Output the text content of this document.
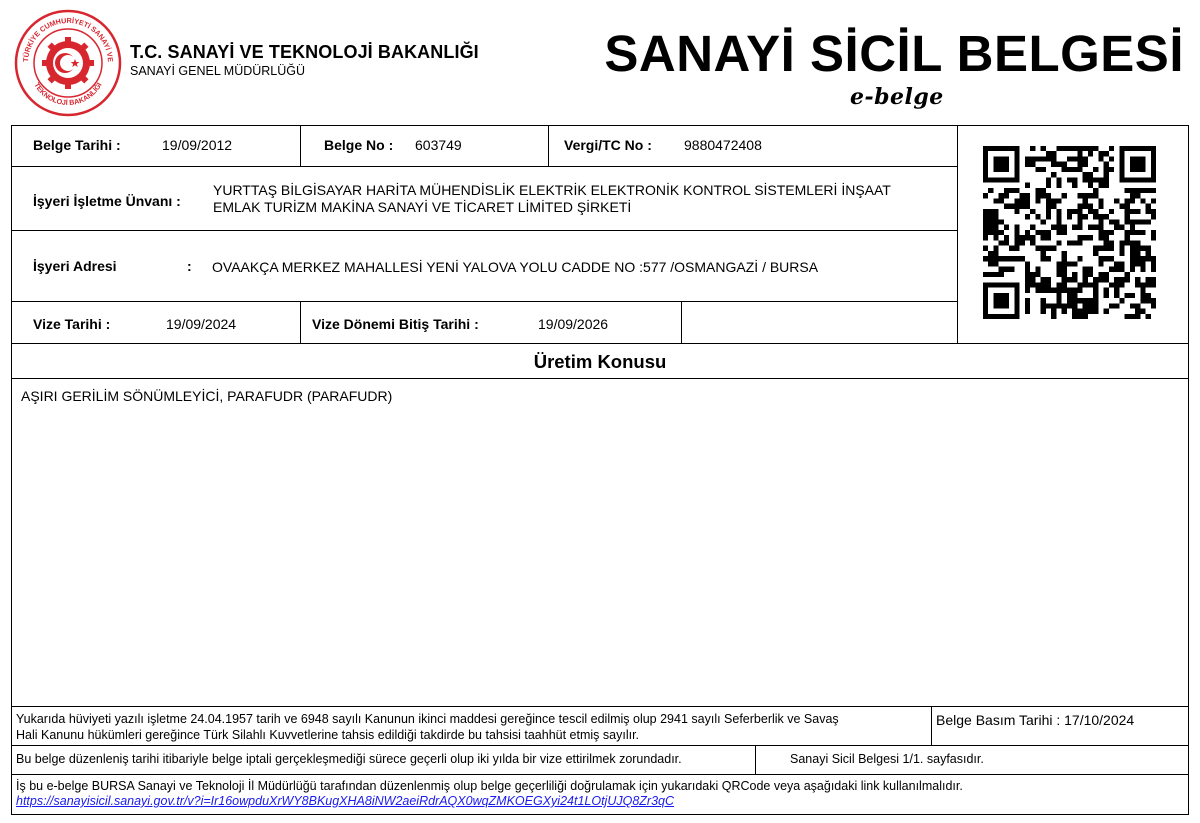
TÜRKİYE CUMHURİYETİ SANAYİ VE
TEKNOLOJİ BAKANLIĞI
T.C. SANAYİ VE TEKNOLOJİ BAKANLIĞI
SANAYİ GENEL MÜDÜRLÜĞÜ	SANAYİ SİCİL BELGESİ
e-belge
Belge Tarihi :	19/09/2012	Belge No : 603749	Vergi/TC No : 9880472408
İşyeri İşletme Ünvanı :
YURTTAŞ BİLGİSAYAR HARİTA MÜHENDİSLİK ELEKTRİK ELEKTRONİK KONTROL SİSTEMLERİ İNŞAAT
EMLAK TURİZM MAKİNA SANAYİ VE TİCARET LİMİTED ŞİRKETİ
İşyeri Adresi	: OVAAKÇA MERKEZ MAHALLESİ YENİ YALOVA YOLU CADDE NO :577 /OSMANGAZİ / BURSA
Vize Tarihi :	19/09/2024	Vize Dönemi Bitiş Tarihi :	19/09/2026
Üretim Konusu
AŞIRI GERİLİM SÖNÜMLEYİCİ, PARAFUDR (PARAFUDR)
Yukarıda hüviyeti yazılı işletme 24.04.1957 tarih ve 6948 sayılı Kanunun ikinci maddesi gereğince tescil edilmiş olup 2941 sayılı Seferberlik ve Savaş
Hali Kanunu hükümleri gereğince Türk Silahlı Kuvvetlerine tahsis edildiği takdirde bu tahsisi taahhüt etmiş sayılır.
Belge Basım Tarihi : 17/10/2024
Bu belge düzenleniş tarihi itibariyle belge iptali gerçekleşmediği sürece geçerli olup iki yılda bir vize ettirilmek zorundadır.	Sanayi Sicil Belgesi 1/1. sayfasıdır.
İş bu e-belge BURSA Sanayi ve Teknoloji İl Müdürlüğü tarafından düzenlenmiş olup belge geçerliliği doğrulamak için yukarıdaki QRCode veya aşağıdaki link kullanılmalıdır.
https://sanayisicil.sanayi.gov.tr/v?i=Ir16owpduXrWY8BKugXHA8iNW2aeiRdrAQX0wqZMKOEGXyi24t1LOtjUJQ8Zr3qC
